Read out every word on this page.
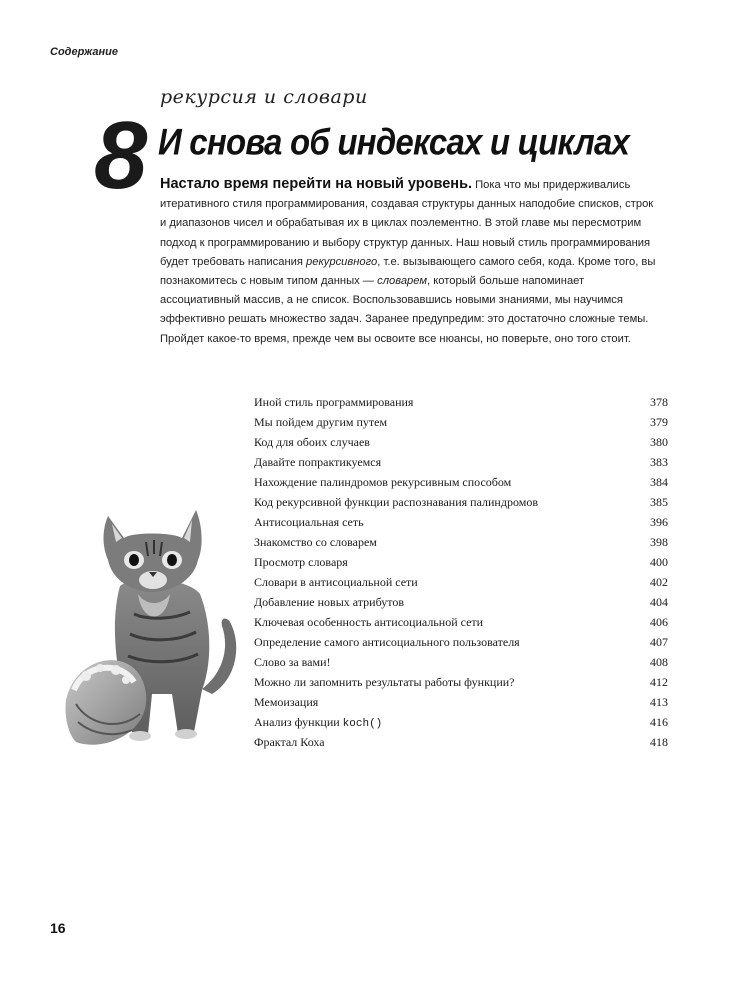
Содержание
8
рекурсия и словари
И снова об индексах и циклах
Настало время перейти на новый уровень. Пока что мы придерживались итеративного стиля программирования, создавая структуры данных наподобие списков, строк и диапазонов чисел и обрабатывая их в циклах поэлементно. В этой главе мы пересмотрим подход к программированию и выбору структур данных. Наш новый стиль программирования будет требовать написания рекурсивного, т.е. вызывающего самого себя, кода. Кроме того, вы познакомитесь с новым типом данных — словарем, который больше напоминает ассоциативный массив, а не список. Воспользовавшись новыми знаниями, мы научимся эффективно решать множество задач. Заранее предупредим: это достаточно сложные темы. Пройдет какое-то время, прежде чем вы освоите все нюансы, но поверьте, оно того стоит.
Иной стиль программирования	378
Мы пойдем другим путем	379
Код для обоих случаев	380
Давайте попрактикуемся	383
Нахождение палиндромов рекурсивным способом	384
Код рекурсивной функции распознавания палиндромов	385
Антисоциальная сеть	396
Знакомство со словарем	398
Просмотр словаря	400
Словари в антисоциальной сети	402
Добавление новых атрибутов	404
Ключевая особенность антисоциальной сети	406
Определение самого антисоциального пользователя	407
Слово за вами!	408
Можно ли запомнить результаты работы функции?	412
Мемоизация	413
Анализ функции koch()	416
Фрактал Коха	418
16
